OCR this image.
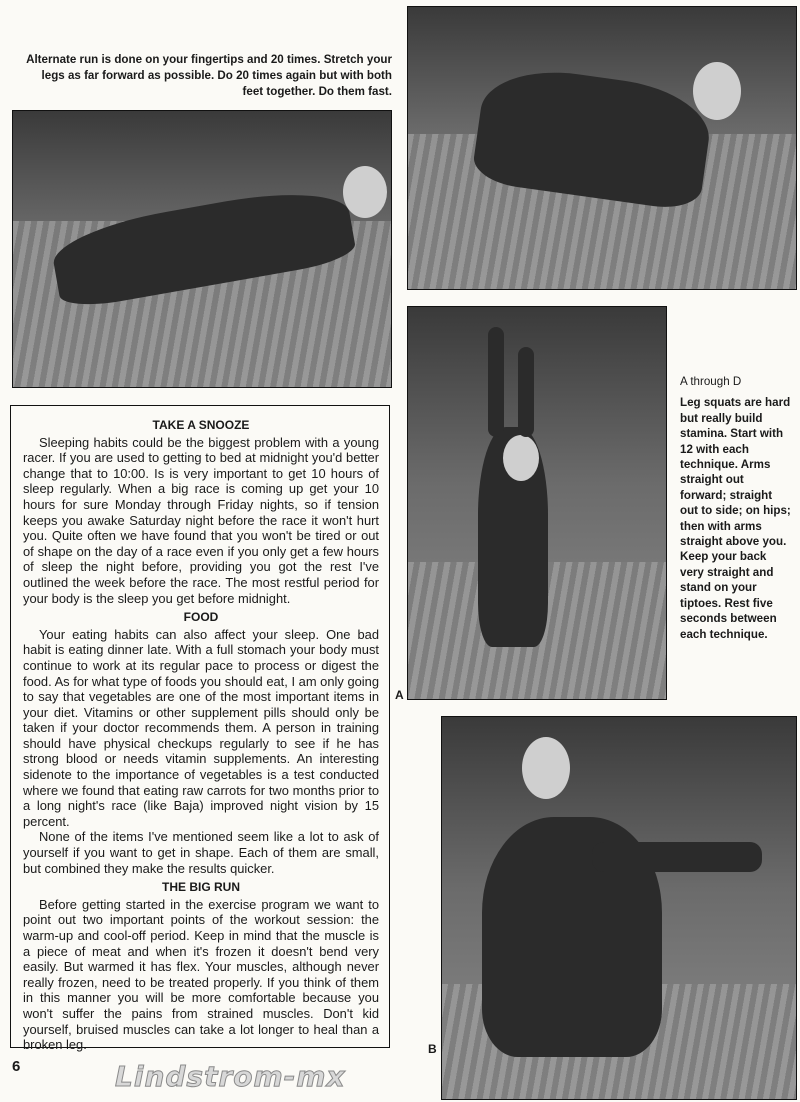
Alternate run is done on your fingertips and 20 times. Stretch your legs as far forward as possible. Do 20 times again but with both feet together. Do them fast.
TAKE A SNOOZE

Sleeping habits could be the biggest problem with a young racer. If you are used to getting to bed at midnight you'd better change that to 10:00. Is is very important to get 10 hours of sleep regularly. When a big race is coming up get your 10 hours for sure Monday through Friday nights, so if tension keeps you awake Saturday night before the race it won't hurt you. Quite often we have found that you won't be tired or out of shape on the day of a race even if you only get a few hours of sleep the night before, providing you got the rest I've outlined the week before the race. The most restful period for your body is the sleep you get before midnight.

FOOD

Your eating habits can also affect your sleep. One bad habit is eating dinner late. With a full stomach your body must continue to work at its regular pace to process or digest the food. As for what type of foods you should eat, I am only going to say that vegetables are one of the most important items in your diet. Vitamins or other supplement pills should only be taken if your doctor recommends them. A person in training should have physical checkups regularly to see if he has strong blood or needs vitamin supplements. An interesting sidenote to the importance of vegetables is a test conducted where we found that eating raw carrots for two months prior to a long night's race (like Baja) improved night vision by 15 percent.

None of the items I've mentioned seem like a lot to ask of yourself if you want to get in shape. Each of them are small, but combined they make the results quicker.

THE BIG RUN

Before getting started in the exercise program we want to point out two important points of the workout session: the warm-up and cool-off period. Keep in mind that the muscle is a piece of meat and when it's frozen it doesn't bend very easily. But warmed it has flex. Your muscles, although never really frozen, need to be treated properly. If you think of them in this manner you will be more comfortable because you won't suffer the pains from strained muscles. Don't kid yourself, bruised muscles can take a lot longer to heal than a broken leg.

A
A through D
Leg squats are hard but really build stamina. Start with 12 with each technique. Arms straight out forward; straight out to side; on hips; then with arms straight above you. Keep your back very straight and stand on your tiptoes. Rest five seconds between each technique.
B
6	Lindstrom-mx
